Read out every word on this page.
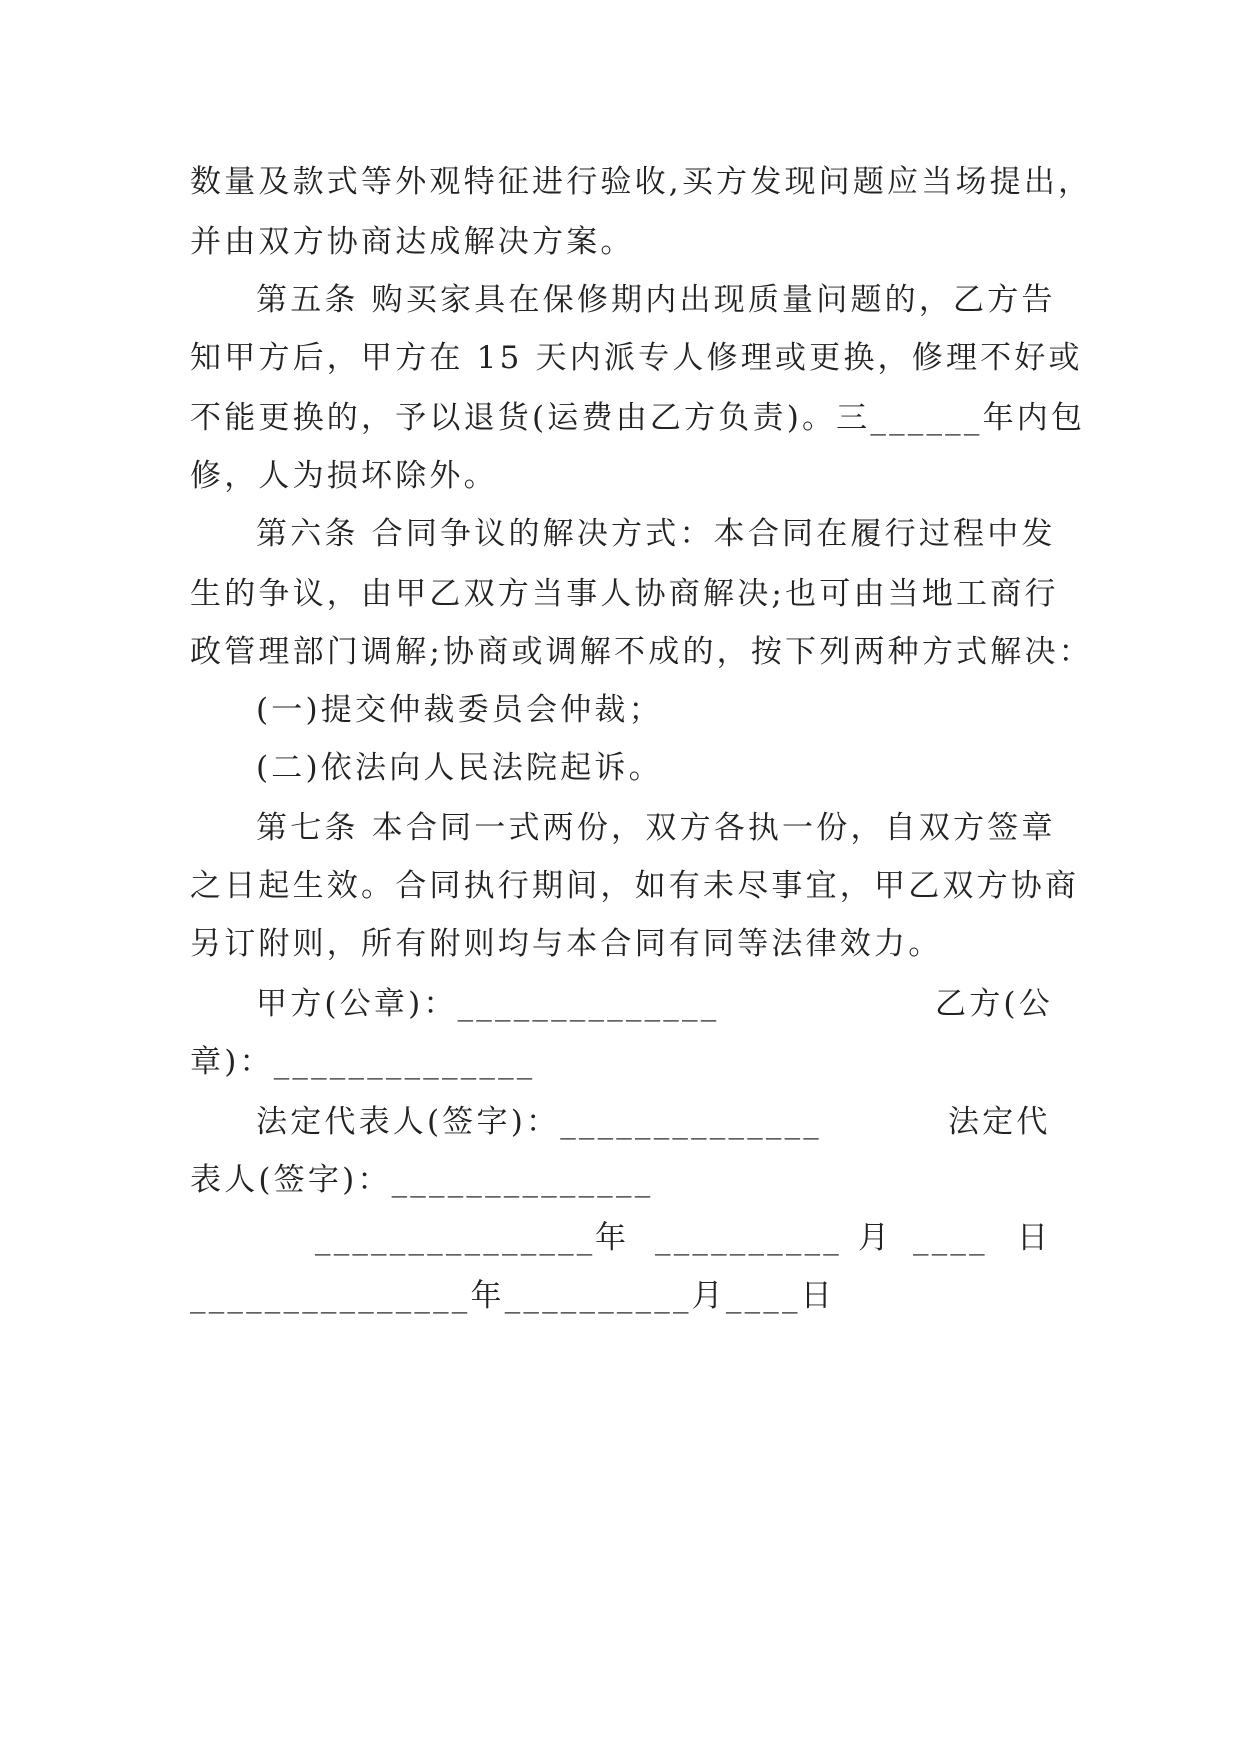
数量及款式等外观特征进行验收,买方发现问题应当场提出，
并由双方协商达成解决方案。
第五条 购买家具在保修期内出现质量问题的，乙方告
知甲方后，甲方在 15 天内派专人修理或更换，修理不好或
不能更换的，予以退货(运费由乙方负责)。三______年内包
修，人为损坏除外。
第六条 合同争议的解决方式：本合同在履行过程中发
生的争议，由甲乙双方当事人协商解决;也可由当地工商行
政管理部门调解;协商或调解不成的，按下列两种方式解决：
(一)提交仲裁委员会仲裁；
(二)依法向人民法院起诉。
第七条 本合同一式两份，双方各执一份，自双方签章
之日起生效。合同执行期间，如有未尽事宜，甲乙双方协商
另订附则，所有附则均与本合同有同等法律效力。
甲方(公章)：______________	乙方(公
章)：______________
法定代表人(签字)：______________	法定代
表人(签字)：______________
_______________ 年 __________ 月 ____ 日
_______________年__________月____日
